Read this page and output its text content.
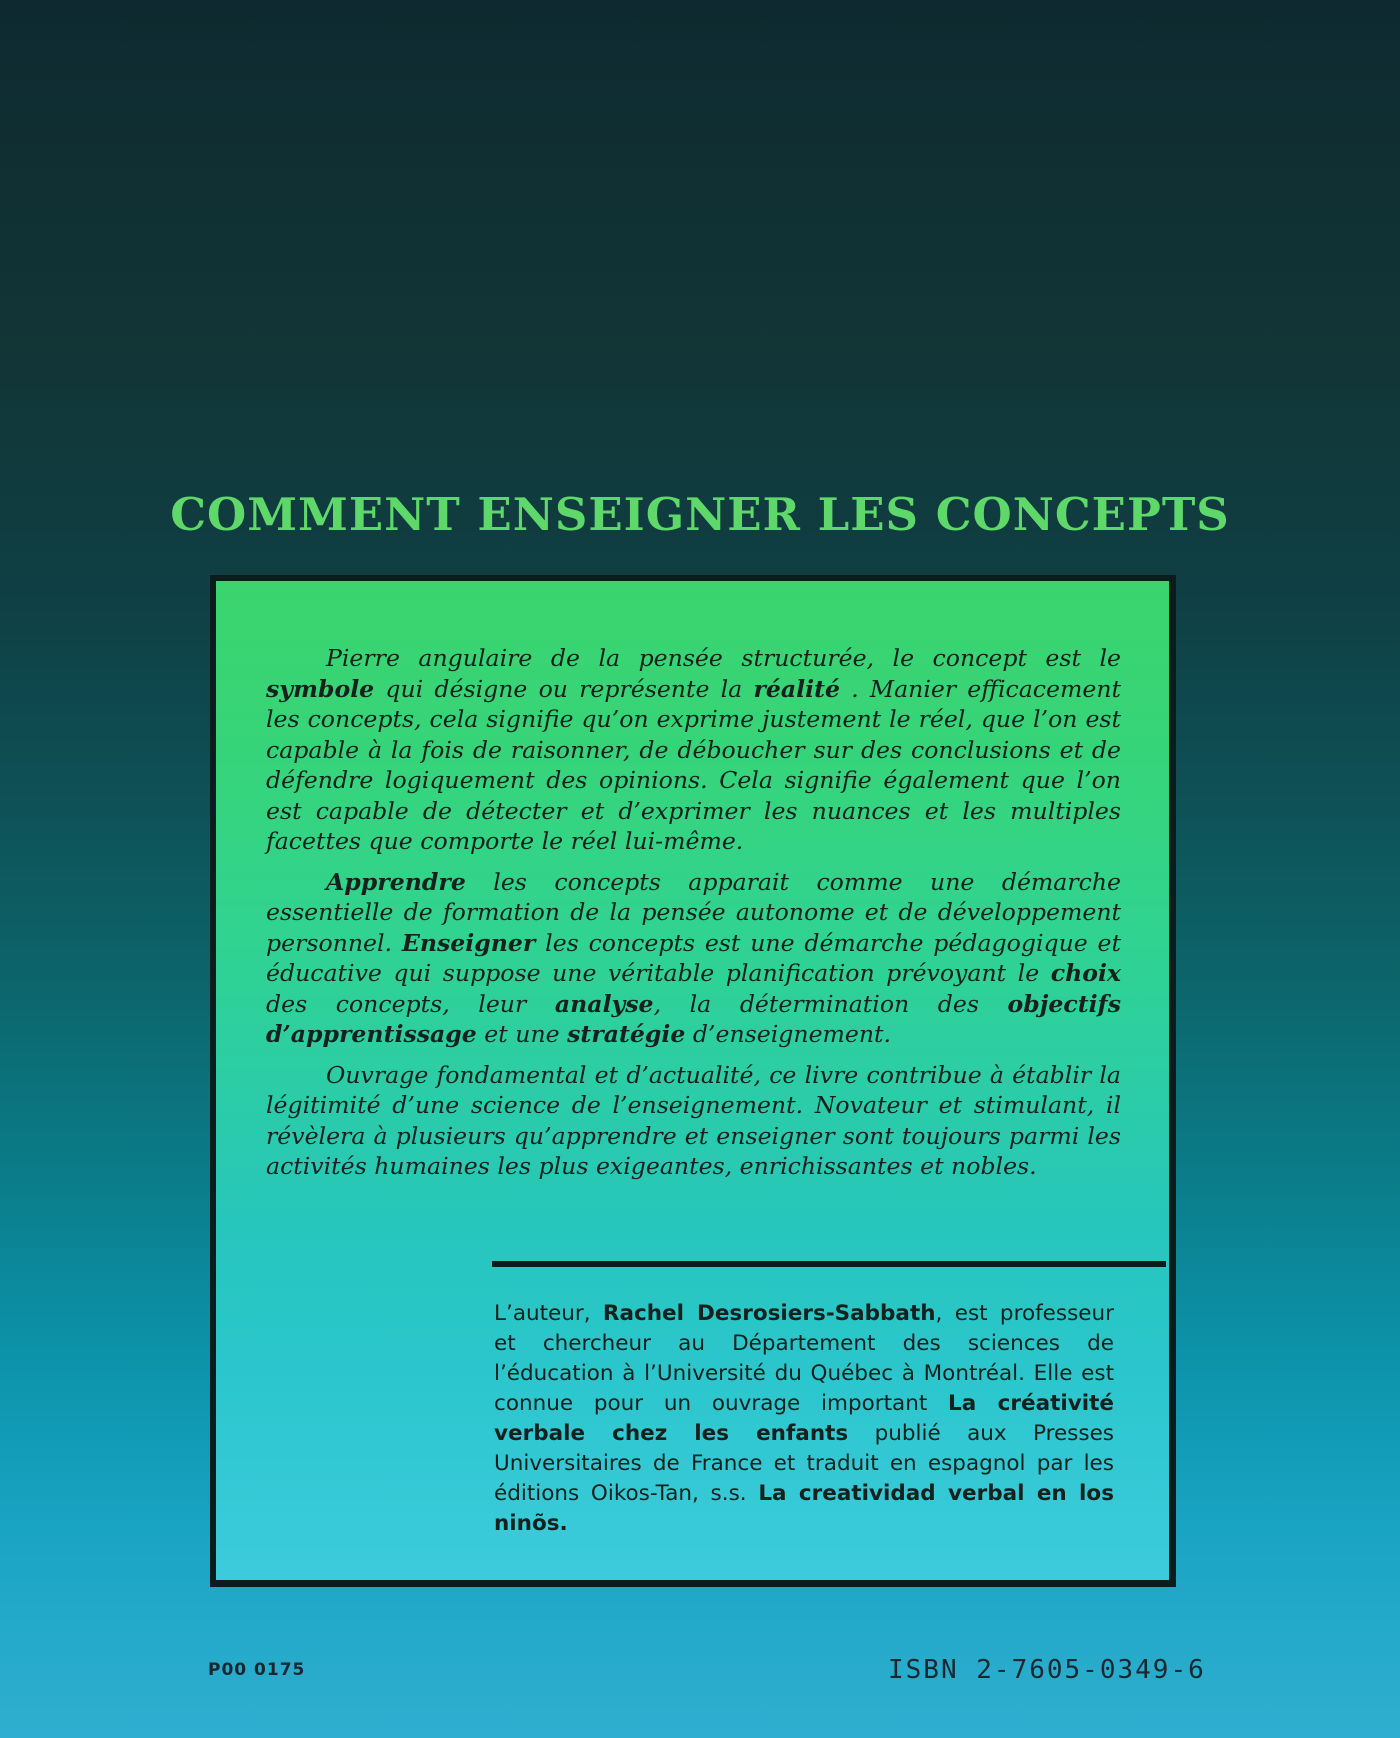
COMMENT ENSEIGNER LES CONCEPTS

Pierre angulaire de la pensée structurée, le concept est le symbole qui désigne ou représente la réalité . Manier efficacement les concepts, cela signifie qu’on exprime justement le réel, que l’on est capable à la fois de raisonner, de déboucher sur des conclusions et de défendre logiquement des opinions. Cela signifie également que l’on est capable de détecter et d’exprimer les nuances et les multiples facettes que comporte le réel lui-même.

Apprendre les concepts apparait comme une démarche essentielle de formation de la pensée autonome et de développement personnel. Enseigner les concepts est une démarche pédagogique et éducative qui suppose une véritable planification prévoyant le choix des concepts, leur analyse, la détermination des objectifs d’apprentissage et une stratégie d’enseignement.

Ouvrage fondamental et d’actualité, ce livre contribue à établir la légitimité d’une science de l’enseignement. Novateur et stimulant, il révèlera à plusieurs qu’apprendre et enseigner sont toujours parmi les activités humaines les plus exigeantes, enrichissantes et nobles.

L’auteur, Rachel Desrosiers-Sabbath, est professeur et chercheur au Département des sciences de l’éducation à l’Université du Québec à Montréal. Elle est connue pour un ouvrage important La créativité verbale chez les enfants publié aux Presses Universitaires de France et traduit en espagnol par les éditions Oikos-Tan, s.s. La creatividad verbal en los ninõs.
P00 0175	ISBN 2-7605-0349-6
